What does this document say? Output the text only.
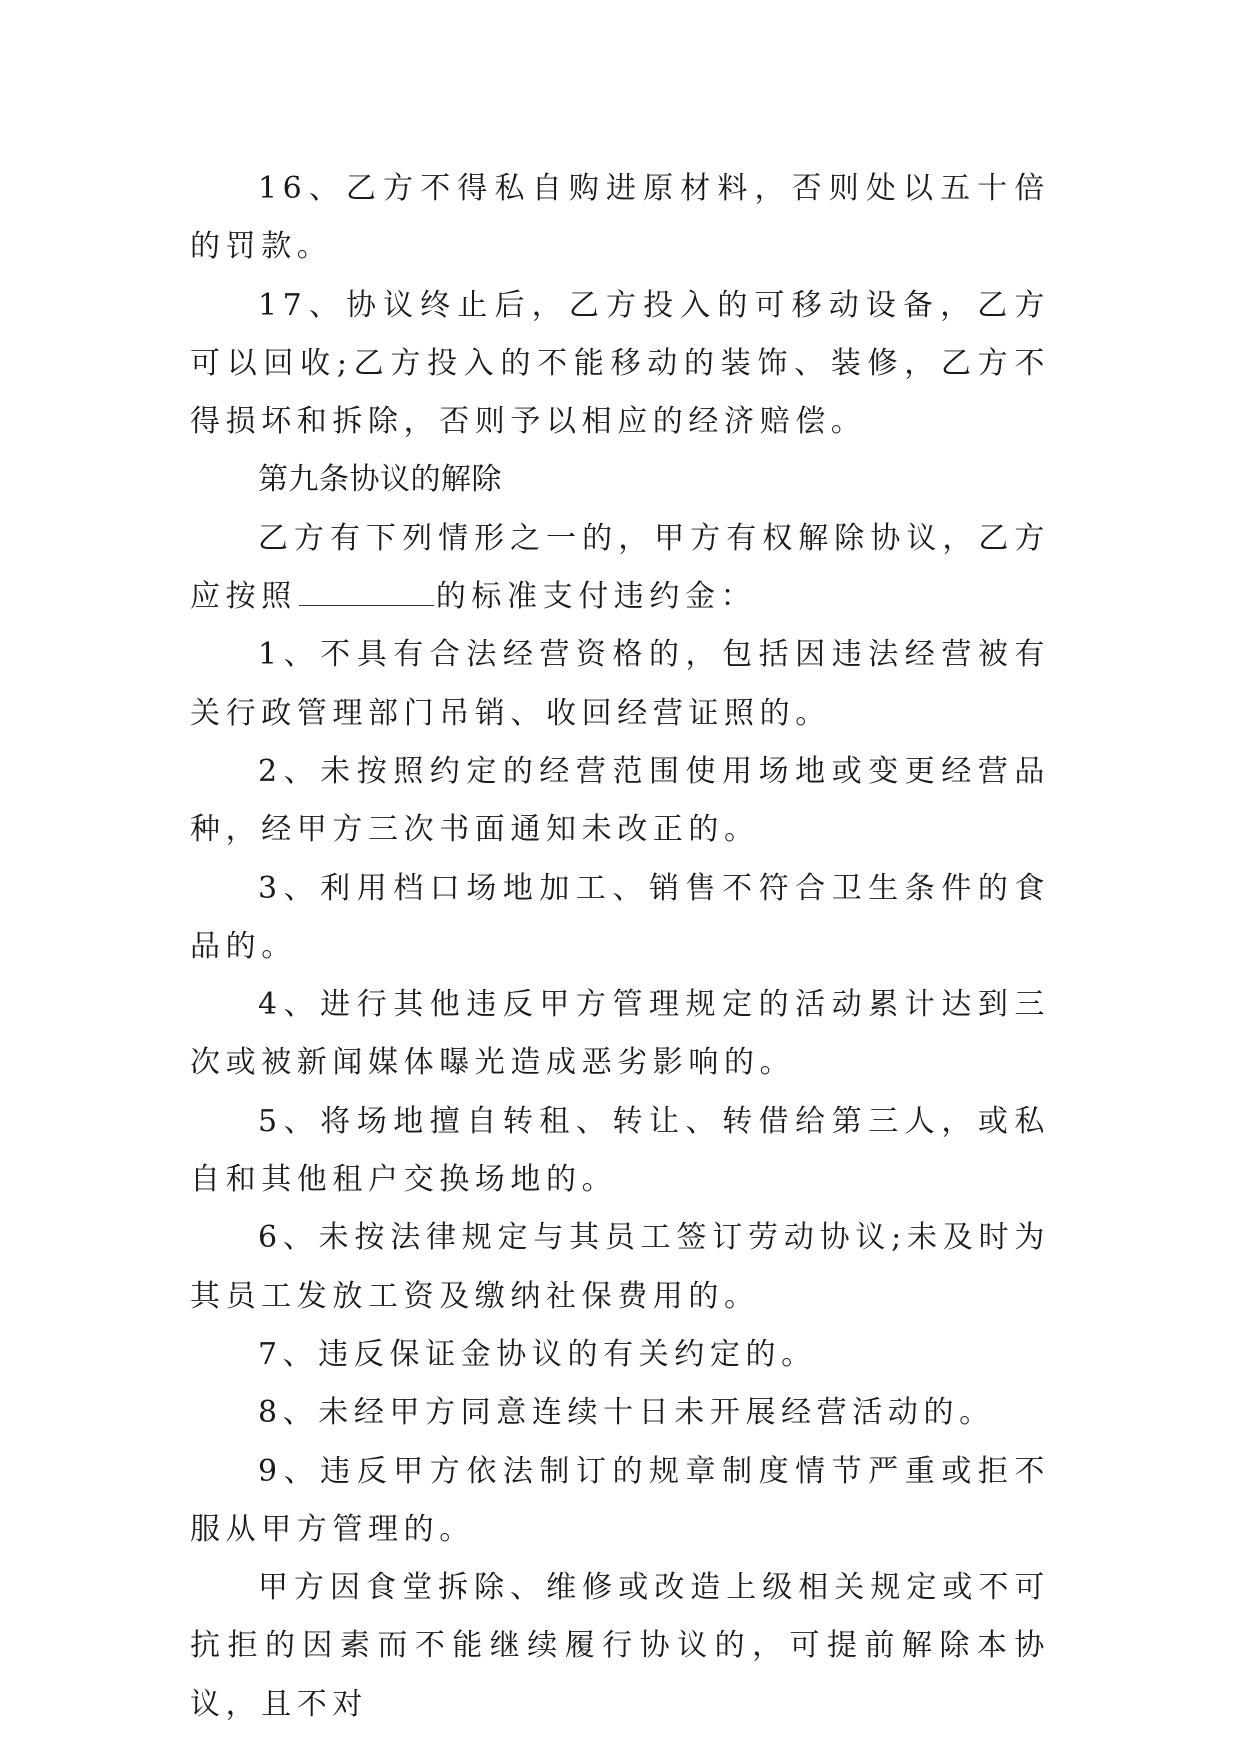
16、乙方不得私自购进原材料，否则处以五十倍的罚款。

17、协议终止后，乙方投入的可移动设备，乙方可以回收;乙方投入的不能移动的装饰、装修，乙方不得损坏和拆除，否则予以相应的经济赔偿。

第九条协议的解除

乙方有下列情形之一的，甲方有权解除协议，乙方应按照	的标准支付违约金：

1、不具有合法经营资格的，包括因违法经营被有关行政管理部门吊销、收回经营证照的。

2、未按照约定的经营范围使用场地或变更经营品种，经甲方三次书面通知未改正的。

3、利用档口场地加工、销售不符合卫生条件的食品的。

4、进行其他违反甲方管理规定的活动累计达到三次或被新闻媒体曝光造成恶劣影响的。

5、将场地擅自转租、转让、转借给第三人，或私自和其他租户交换场地的。

6、未按法律规定与其员工签订劳动协议;未及时为其员工发放工资及缴纳社保费用的。

7、违反保证金协议的有关约定的。

8、未经甲方同意连续十日未开展经营活动的。

9、违反甲方依法制订的规章制度情节严重或拒不服从甲方管理的。

甲方因食堂拆除、维修或改造上级相关规定或不可抗拒的因素而不能继续履行协议的，可提前解除本协议，且不对
